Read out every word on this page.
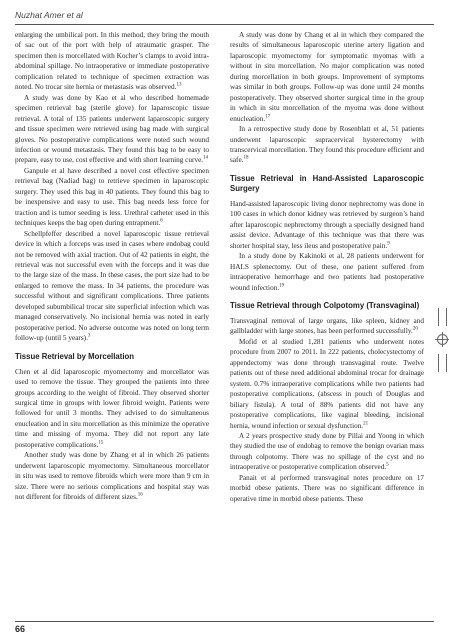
Nuzhat Amer et al

enlarging the umbilical port. In this method, they bring the mouth of sac out of the port with help of atraumatic grasper. The specimen then is morcellated with Kocher’s clamps to avoid intra-abdominal spillage. No intraoperative or immediate postoperative complication related to technique of specimen extraction was noted. No trocar site hernia or metastasis was observed.$^{13}$

A study was done by Kao et al who described homemade specimen retrieval bag (sterile glove) for laparoscopic tissue retrieval. A total of 135 patients underwent laparoscopic surgery and tissue specimen were retrieved using bag made with surgical gloves. No postoperative complications were noted such wound infection or wound metastasis. They found this bag to be easy to prepare, easy to use, cost effective and with short learning curve.$^{14}$

Ganpule et al have described a novel cost effective specimen retrieval bag (Nadiad bag) to retrieve specimen in laparoscopic surgery. They used this bag in 40 patients. They found this bag to be inexpensive and easy to use. This bag needs less force for traction and is tumor seeding is less. Urethral catheter used in this techniques keeps the bag open during entrapment.$^6$

Schellpfeffer described a novel laparoscopic tissue retrieval device in which a forceps was used in cases where endobag could not be removed with axial traction. Out of 42 patients in eight, the retrieval was not successful even with the forceps and it was due to the large size of the mass. In these cases, the port size had to be enlarged to remove the mass. In 34 patients, the procedure was successful without and significant complications. Three patients developed subumbilical trocar site superficial infection which was managed conservatively. No incisional hernia was noted in early postoperative period. No adverse outcome was noted on long term follow-up (until 5 years).$^3$

Tissue Retrieval by Morcellation

Chen et al did laparoscopic myomectomy and morcellator was used to remove the tissue. They grouped the patients into three groups according to the weight of fibroid. They observed shorter surgical time in groups with lower fibroid weight. Patients were followed for until 3 months. They advised to do simultaneous enucleation and in situ morcellation as this minimize the operative time and missing of myoma. They did not report any late postoperative complications.$^{15}$

Another study was done by Zhang et al in which 26 patients underwent laparoscopic myomectomy. Simultaneous morcellator in situ was used to remove fibroids which were more than 9 cm in size. There were no serious complications and hospital stay was not different for fibroids of different sizes.$^{16}$

A study was done by Chang et al in which they compared the results of simultaneous laparoscopic uterine artery ligation and laparoscopic myomectomy for symptomatic myomas with a without in situ morcellation. No major complication was noted during morcellation in both groups. Improvement of symptoms was similar in both groups. Follow-up was done until 24 months postoperatively. They observed shorter surgical time in the group in which in situ morcellation of the myoma was done without enucleation.$^{17}$

In a retrospective study done by Rosenblatt et al, 51 patients underwent laparoscopic supracervical hysterectomy with transcervical morcellation. They found this procedure efficient and safe.$^{18}$

Tissue Retrieval in Hand-Assisted Laparoscopic Surgery

Hand-assisted laparoscopic living donor nephrectomy was done in 100 cases in which donor kidney was retrieved by surgeon’s hand after laparoscopic nephrectomy through a specially designed hand assist device. Advantage of this technique was that there was shorter hospital stay, less ileus and postoperative pain.$^9$

In a study done by Kakinoki et al, 28 patients underwent for HALS splenectomy. Out of these, one patient suffered from intraoperative hemorrhage and two patients had postoperative wound infection.$^{19}$

Tissue Retrieval through Colpotomy (Transvaginal)

Transvaginal removal of large organs, like spleen, kidney and gallbladder with large stones, has been performed successfully.$^{20}$

Mofid et al studied 1,281 patients who underwent notes procedure from 2007 to 2011. In 222 patients, cholecystectomy of appendectomy was done through transvaginal route. Twelve patients out of these need additional abdominal trocar for drainage system. 0.7% intraoperative complications while two patients had postoperative complications, (abscess in pouch of Douglas and biliary fistula). A total of 88% patients did not have any postoperative complications, like vaginal bleeding, incisional hernia, wound infection or sexual dysfunction.$^{21}$

A 2 years prospective study done by Pillai and Yoong in which they studied the use of endobag to remove the benign ovarian mass through colpotomy. There was no spillage of the cyst and no intraoperative or postoperative complication observed.$^5$

Panait et al performed transvaginal notes procedure on 17 morbid obese patients. There was no significant difference in operative time in morbid obese patients. These

66
